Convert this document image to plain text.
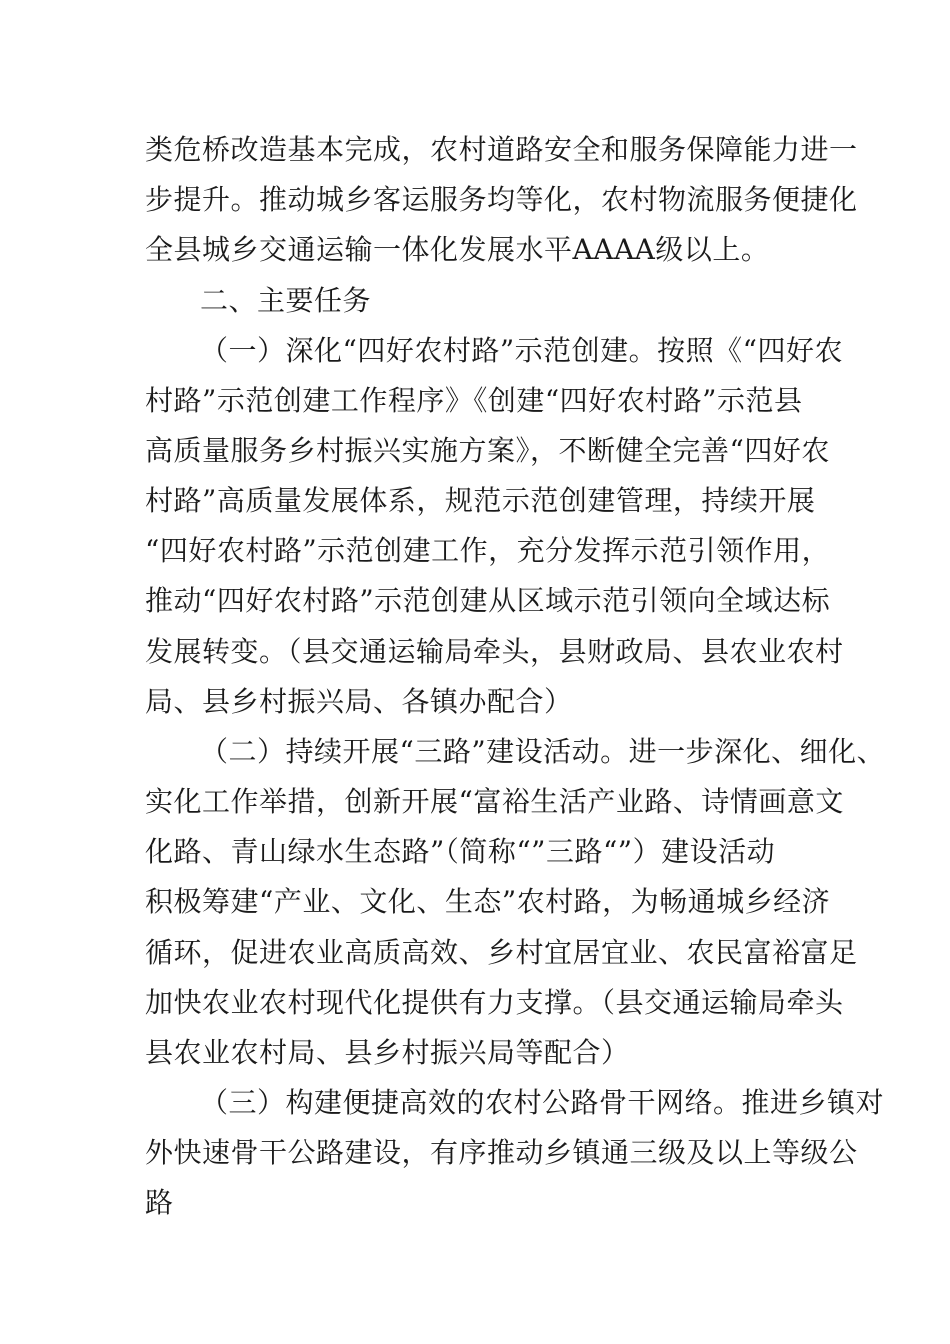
类危桥改造基本完成，农村道路安全和服务保障能力进一
步提升。推动城乡客运服务均等化，农村物流服务便捷化
全县城乡交通运输一体化发展水平AAAA级以上。
二、主要任务
（一）深化“四好农村路”示范创建。按照《“四好农
村路”示范创建工作程序》《创建“四好农村路”示范县
高质量服务乡村振兴实施方案》，不断健全完善“四好农
村路”高质量发展体系，规范示范创建管理，持续开展
“四好农村路”示范创建工作，充分发挥示范引领作用，
推动“四好农村路”示范创建从区域示范引领向全域达标
发展转变。（县交通运输局牵头，县财政局、县农业农村
局、县乡村振兴局、各镇办配合）
（二）持续开展“三路”建设活动。进一步深化、细化、
实化工作举措，创新开展“富裕生活产业路、诗情画意文
化路、青山绿水生态路”（简称“”三路“”）建设活动
积极筹建“产业、文化、生态”农村路，为畅通城乡经济
循环，促进农业高质高效、乡村宜居宜业、农民富裕富足
加快农业农村现代化提供有力支撑。（县交通运输局牵头
县农业农村局、县乡村振兴局等配合）
（三）构建便捷高效的农村公路骨干网络。推进乡镇对
外快速骨干公路建设，有序推动乡镇通三级及以上等级公
路
